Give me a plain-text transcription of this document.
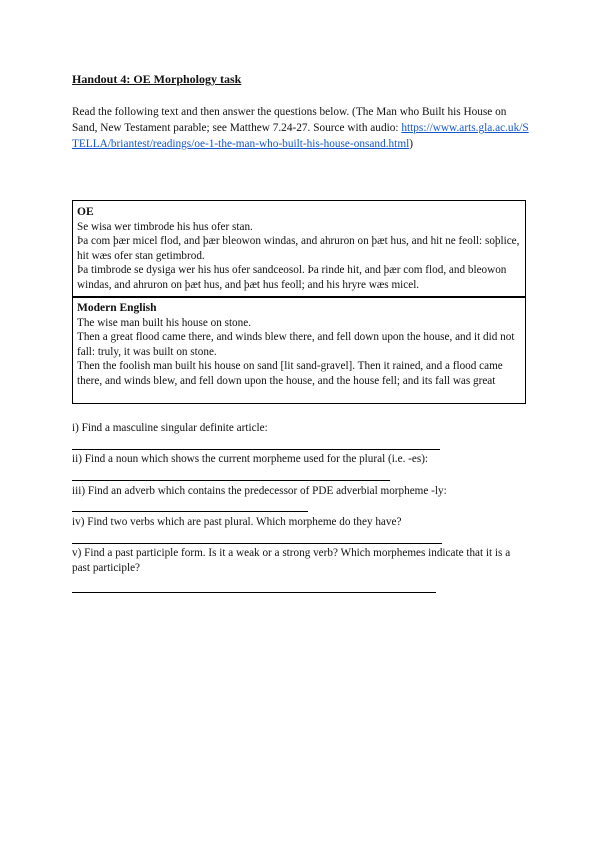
Handout 4: OE Morphology task
Read the following text and then answer the questions below. (The Man who Built his House on Sand, New Testament parable; see Matthew 7.24-27. Source with audio: https://www.arts.gla.ac.uk/STELLA/briantest/readings/oe-1-the-man-who-built-his-house-onsand.html)
OE

Se wisa wer timbrode his hus ofer stan.

Þa com þær micel flod, and þær bleowon windas, and ahruron on þæt hus, and hit ne feoll: soþlice, hit wæs ofer stan getimbrod.

Þa timbrode se dysiga wer his hus ofer sandceosol. Þa rinde hit, and þær com flod, and bleowon windas, and ahruron on þæt hus, and þæt hus feoll; and his hryre wæs micel.

Modern English

The wise man built his house on stone.

Then a great flood came there, and winds blew there, and fell down upon the house, and it did not fall: truly, it was built on stone.

Then the foolish man built his house on sand [lit sand-gravel]. Then it rained, and a flood came there, and winds blew, and fell down upon the house, and the house fell; and its fall was great

i) Find a masculine singular definite article:
ii) Find a noun which shows the current morpheme used for the plural (i.e. -es):
iii) Find an adverb which contains the predecessor of PDE adverbial morpheme -ly:
iv) Find two verbs which are past plural. Which morpheme do they have?
v) Find a past participle form. Is it a weak or a strong verb? Which morphemes indicate that it is a past participle?
